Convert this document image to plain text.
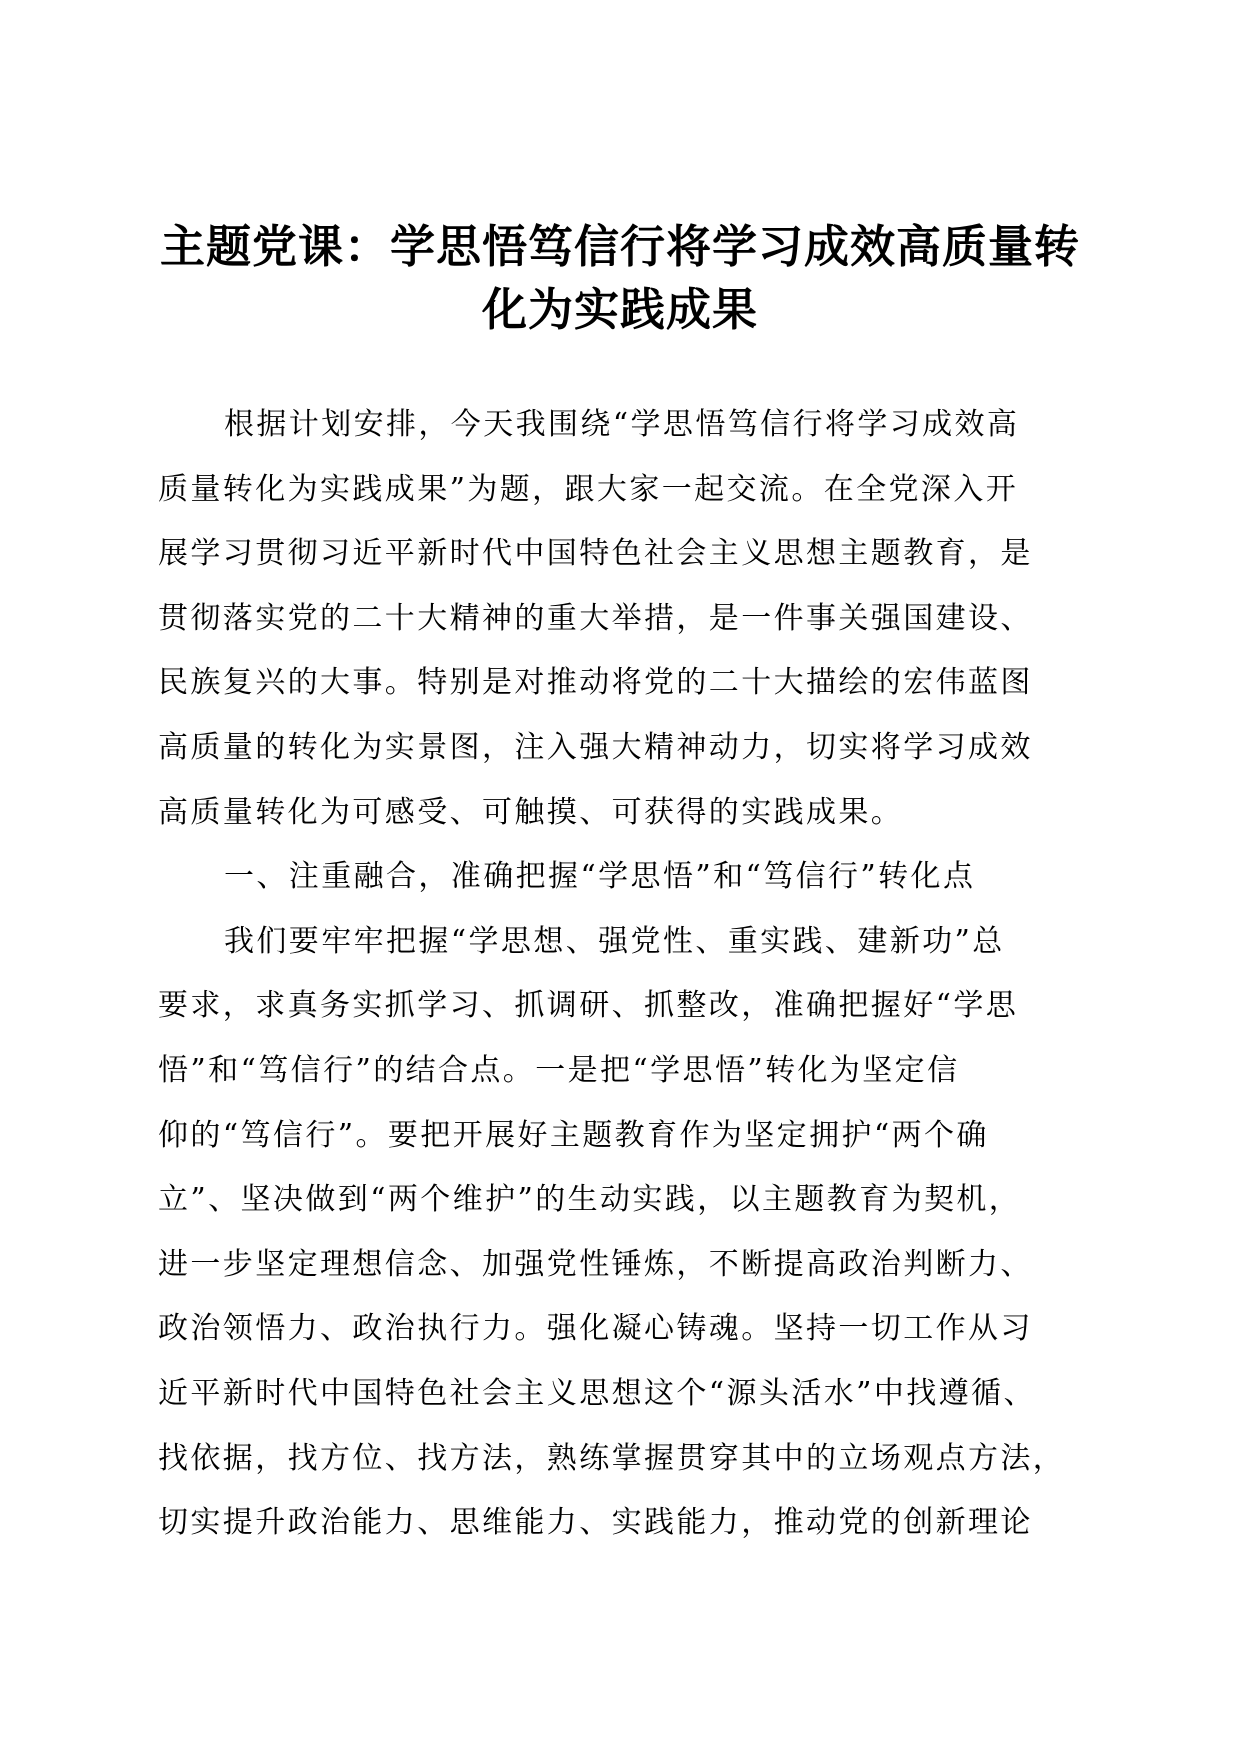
主题党课：学思悟笃信行将学习成效高质量转
化为实践成果
根据计划安排，今天我围绕“学思悟笃信行将学习成效高
质量转化为实践成果”为题，跟大家一起交流。在全党深入开
展学习贯彻习近平新时代中国特色社会主义思想主题教育，是
贯彻落实党的二十大精神的重大举措，是一件事关强国建设、
民族复兴的大事。特别是对推动将党的二十大描绘的宏伟蓝图
高质量的转化为实景图，注入强大精神动力，切实将学习成效
高质量转化为可感受、可触摸、可获得的实践成果。
一、注重融合，准确把握“学思悟”和“笃信行”转化点
我们要牢牢把握“学思想、强党性、重实践、建新功”总
要求，求真务实抓学习、抓调研、抓整改，准确把握好“学思
悟”和“笃信行”的结合点。一是把“学思悟”转化为坚定信
仰的“笃信行”。要把开展好主题教育作为坚定拥护“两个确
立”、坚决做到“两个维护”的生动实践，以主题教育为契机，
进一步坚定理想信念、加强党性锤炼，不断提高政治判断力、
政治领悟力、政治执行力。强化凝心铸魂。坚持一切工作从习
近平新时代中国特色社会主义思想这个“源头活水”中找遵循、
找依据，找方位、找方法，熟练掌握贯穿其中的立场观点方法，
切实提升政治能力、思维能力、实践能力，推动党的创新理论
